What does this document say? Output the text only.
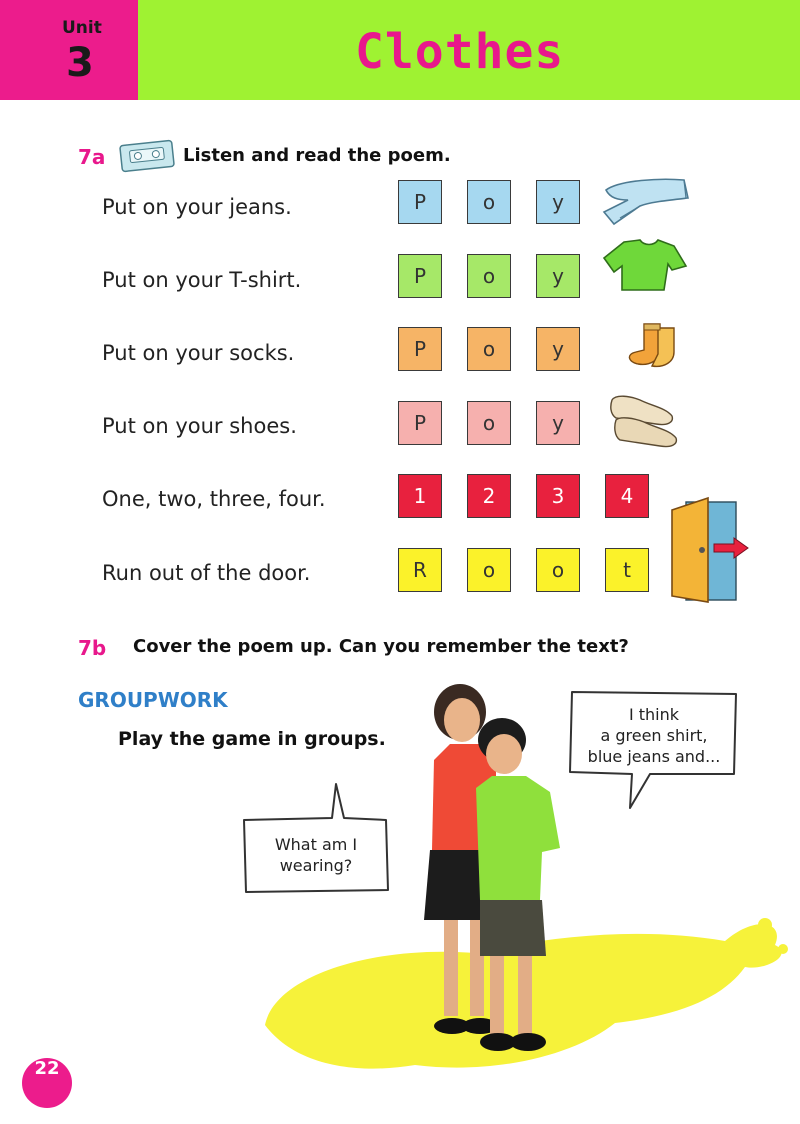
Unit
3	Clothes
7a	Listen and read the poem.
Put on your jeans.
Put on your T-shirt.
Put on your socks.
Put on your shoes.
One, two, three, four.
Run out of the door.
P	o	y
P	o	y
P	o	y
P	o	y
1	2	3	4
R	o	o	t
7b Cover the poem up. Can you remember the text?
GROUPWORK
Play the game in groups.
What am I
wearing?
I think
a green shirt,
blue jeans and...
22
